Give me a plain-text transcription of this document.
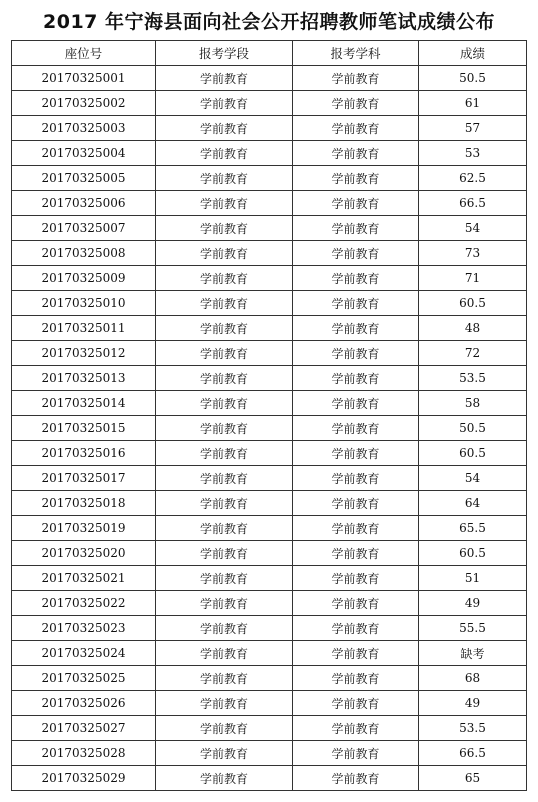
2017 年宁海县面向社会公开招聘教师笔试成绩公布
座位号	报考学段	报考学科	成绩
20170325001	学前教育	学前教育	50.5
20170325002	学前教育	学前教育	61
20170325003	学前教育	学前教育	57
20170325004	学前教育	学前教育	53
20170325005	学前教育	学前教育	62.5
20170325006	学前教育	学前教育	66.5
20170325007	学前教育	学前教育	54
20170325008	学前教育	学前教育	73
20170325009	学前教育	学前教育	71
20170325010	学前教育	学前教育	60.5
20170325011	学前教育	学前教育	48
20170325012	学前教育	学前教育	72
20170325013	学前教育	学前教育	53.5
20170325014	学前教育	学前教育	58
20170325015	学前教育	学前教育	50.5
20170325016	学前教育	学前教育	60.5
20170325017	学前教育	学前教育	54
20170325018	学前教育	学前教育	64
20170325019	学前教育	学前教育	65.5
20170325020	学前教育	学前教育	60.5
20170325021	学前教育	学前教育	51
20170325022	学前教育	学前教育	49
20170325023	学前教育	学前教育	55.5
20170325024	学前教育	学前教育	缺考
20170325025	学前教育	学前教育	68
20170325026	学前教育	学前教育	49
20170325027	学前教育	学前教育	53.5
20170325028	学前教育	学前教育	66.5
20170325029	学前教育	学前教育	65
